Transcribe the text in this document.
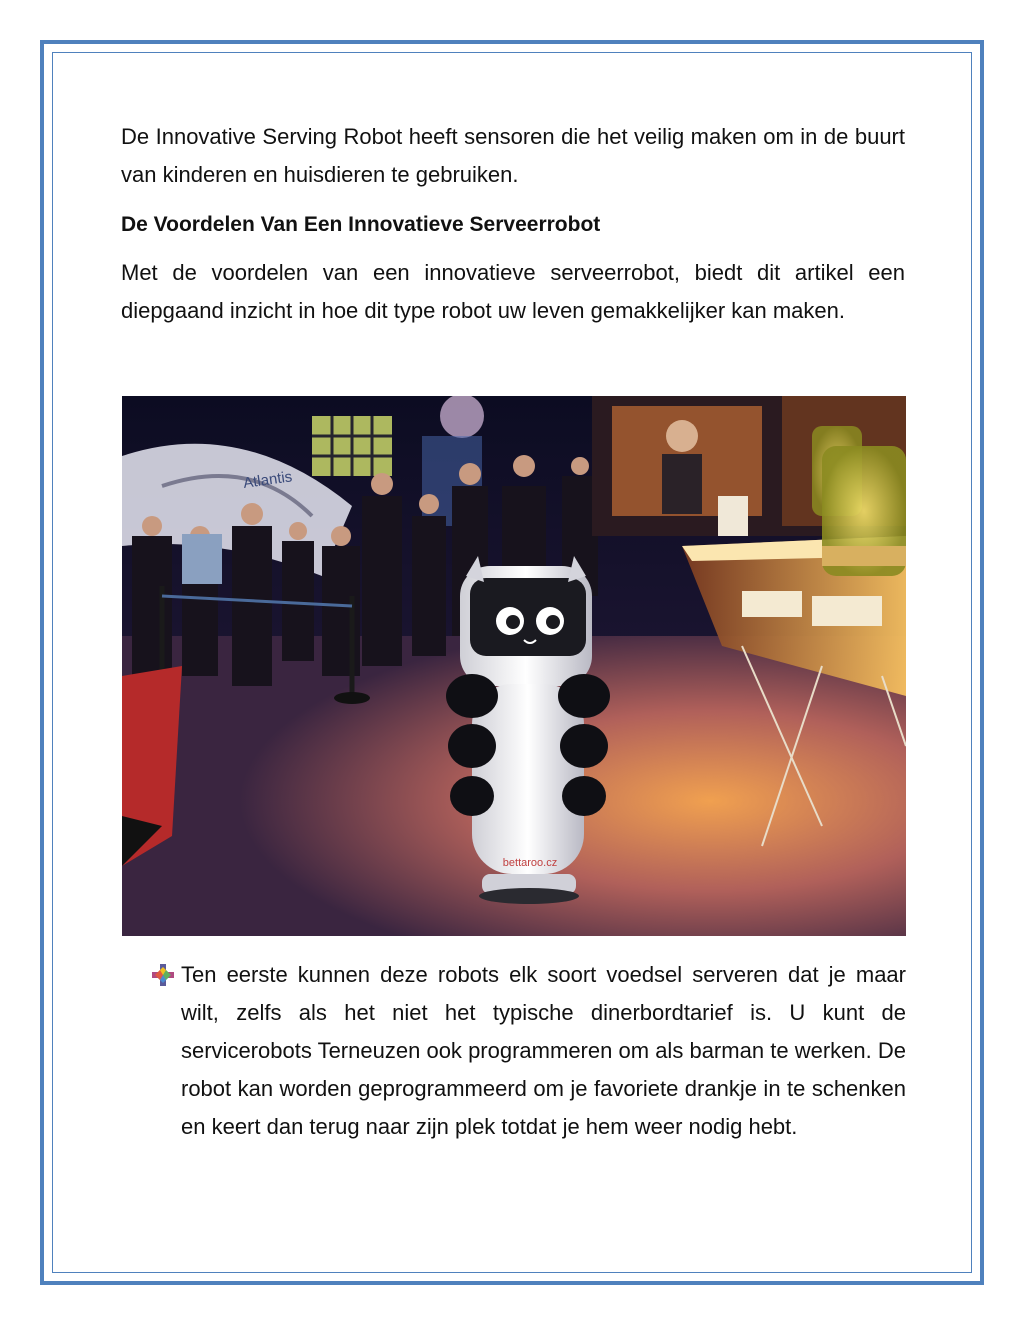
De Innovative Serving Robot heeft sensoren die het veilig maken om in de buurt van kinderen en huisdieren te gebruiken.

De Voordelen Van Een Innovatieve Serveerrobot

Met de voordelen van een innovatieve serveerrobot, biedt dit artikel een diepgaand inzicht in hoe dit type robot uw leven gemakkelijker kan maken.

Atlantis
bettaroo.cz

Ten eerste kunnen deze robots elk soort voedsel serveren dat je maar wilt, zelfs als het niet het typische dinerbordtarief is. U kunt de servicerobots Terneuzen ook programmeren om als barman te werken. De robot kan worden geprogrammeerd om je favoriete drankje in te schenken en keert dan terug naar zijn plek totdat je hem weer nodig hebt.
